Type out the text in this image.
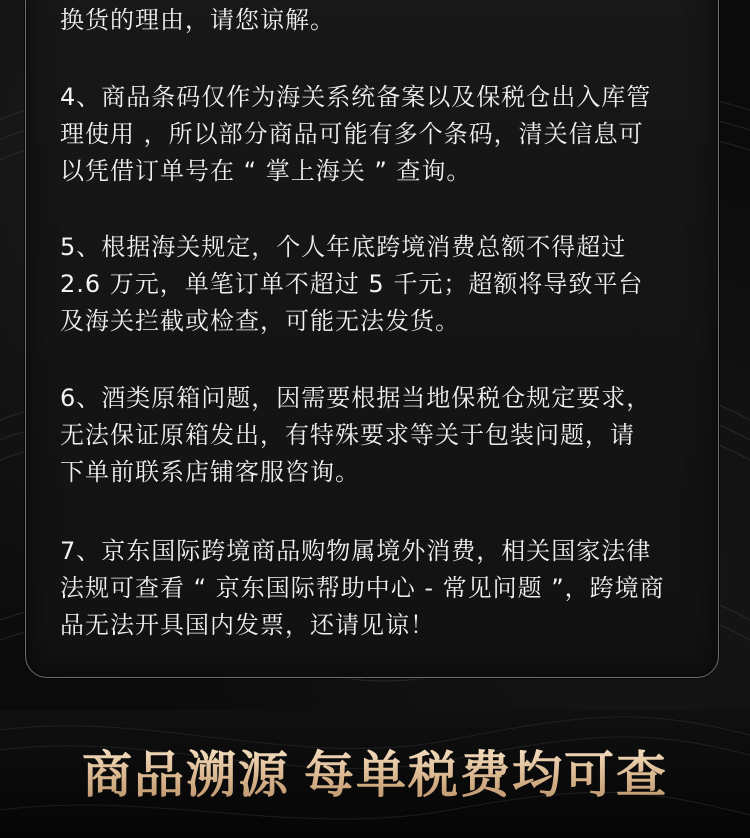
换货的理由，请您谅解。

4、商品条码仅作为海关系统备案以及保税仓出入库管
理使用 ，所以部分商品可能有多个条码，清关信息可
以凭借订单号在 “ 掌上海关 ” 查询。

5、根据海关规定，个人年底跨境消费总额不得超过
2.6 万元，单笔订单不超过 5 千元；超额将导致平台
及海关拦截或检查，可能无法发货。

6、酒类原箱问题，因需要根据当地保税仓规定要求，
无法保证原箱发出，有特殊要求等关于包装问题，请
下单前联系店铺客服咨询。

7、京东国际跨境商品购物属境外消费，相关国家法律
法规可查看 “ 京东国际帮助中心 - 常见问题 ”，跨境商
品无法开具国内发票，还请见谅！

商品溯源 每单税费均可查
